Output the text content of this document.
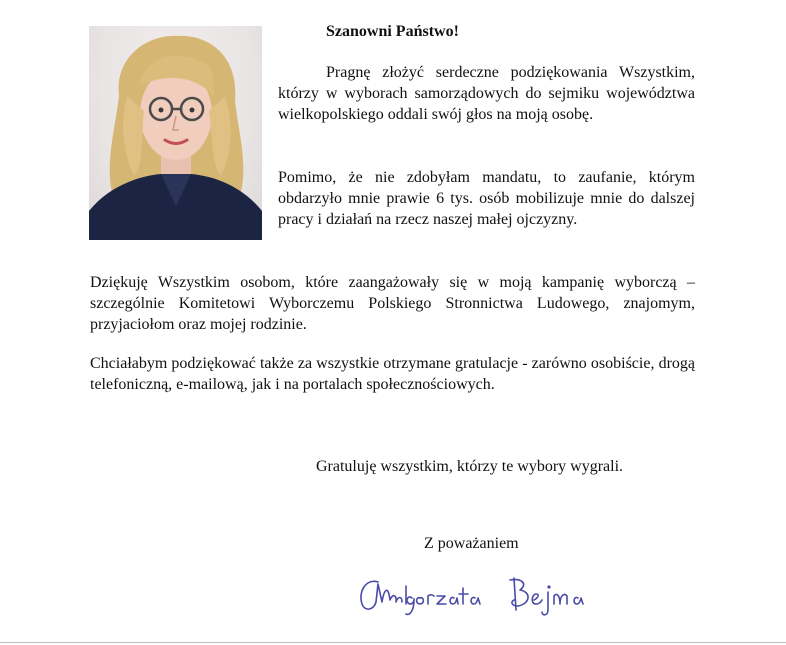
Szanowni Państwo!

Pragnę złożyć serdeczne podziękowania Wszystkim, którzy w wyborach samorządowych do sejmiku województwa wielkopolskiego oddali swój głos na moją osobę.

Pomimo, że nie zdobyłam mandatu, to zaufanie, którym obdarzyło mnie prawie 6 tys. osób mobilizuje mnie do dalszej pracy i działań na rzecz naszej małej ojczyzny.

Dziękuję Wszystkim osobom, które zaangażowały się w moją kampanię wyborczą – szczególnie Komitetowi Wyborczemu Polskiego Stronnictwa Ludowego, znajomym, przyjaciołom oraz mojej rodzinie.

Chciałabym podziękować także za wszystkie otrzymane gratulacje - zarówno osobiście, drogą telefoniczną, e-mailową, jak i na portalach społecznościowych.

Gratuluję wszystkim, którzy te wybory wygrali.

Z poważaniem
